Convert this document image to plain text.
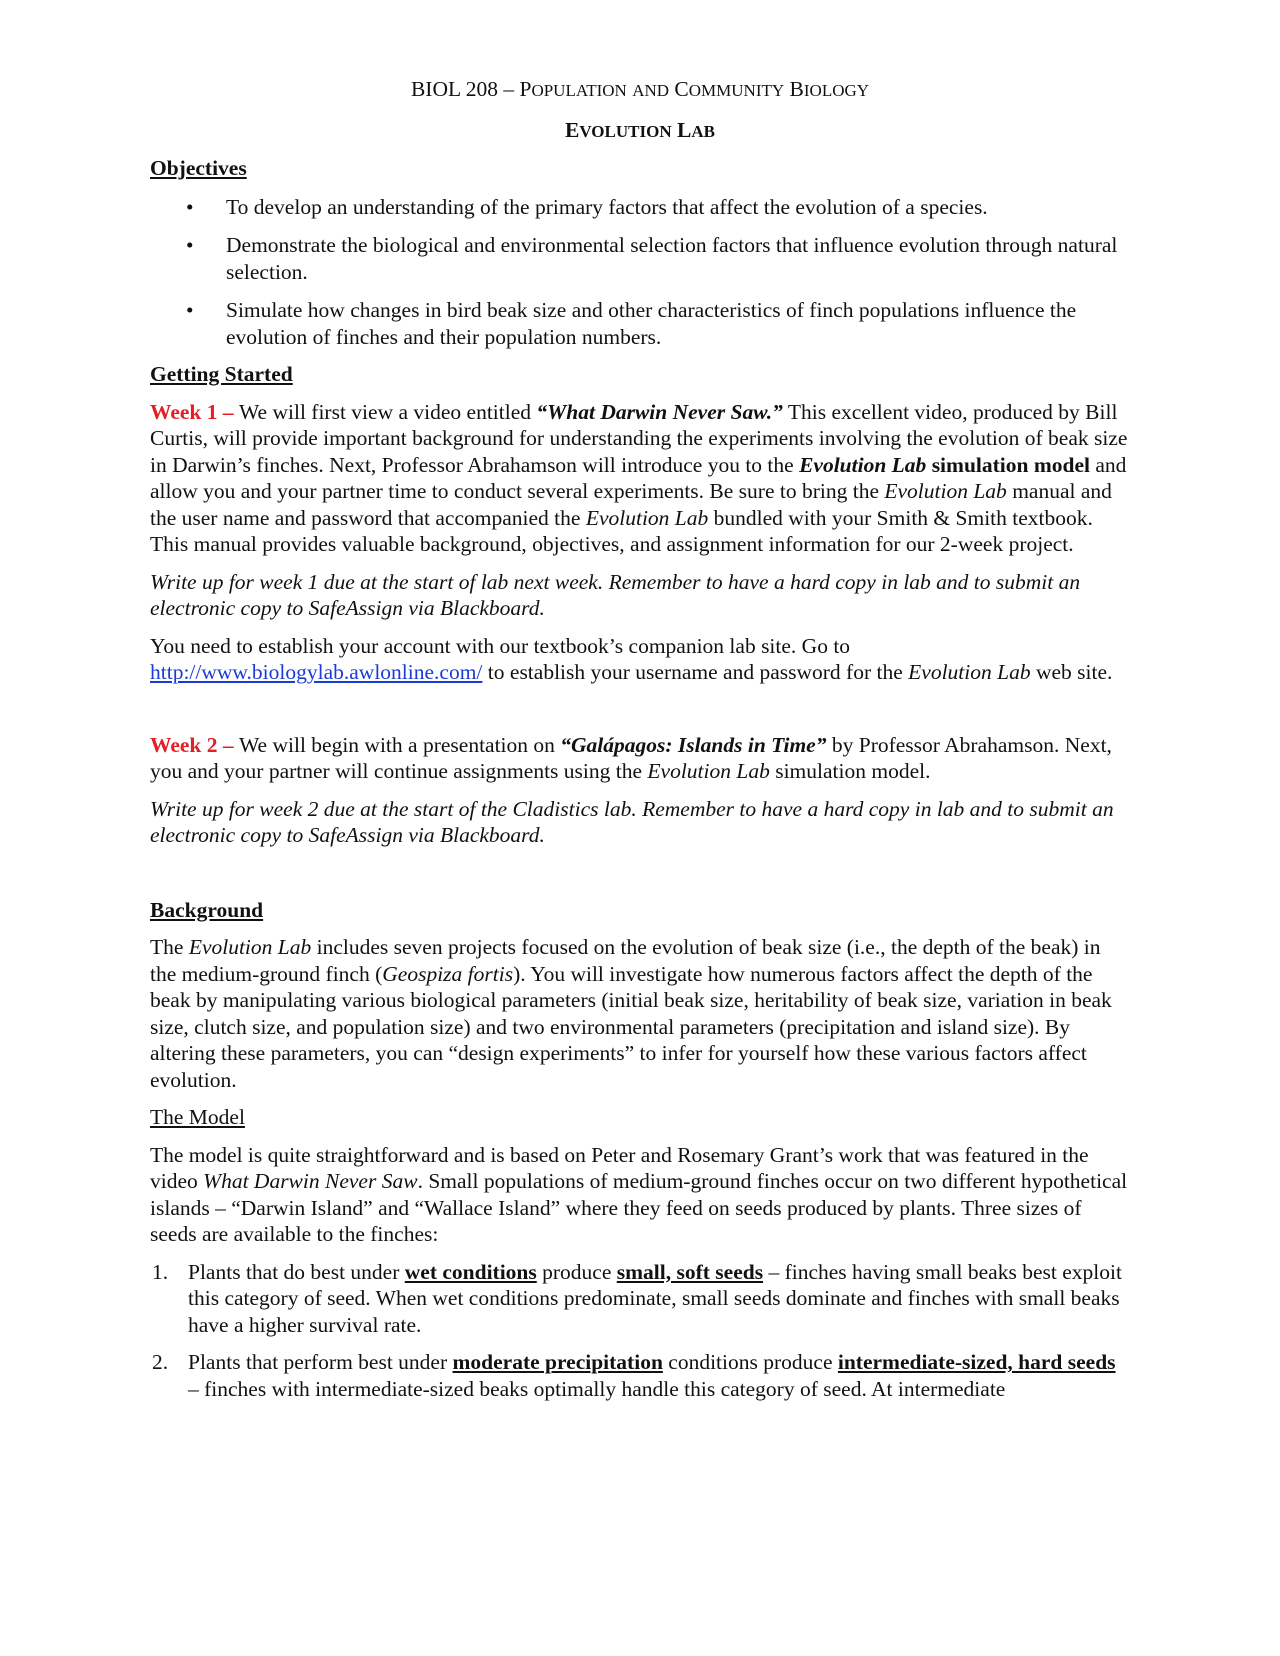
BIOL 208 – POPULATION AND COMMUNITY BIOLOGY
EVOLUTION LAB
Objectives
• To develop an understanding of the primary factors that affect the evolution of a species.
• Demonstrate the biological and environmental selection factors that influence evolution through natural selection.
• Simulate how changes in bird beak size and other characteristics of finch populations influence the evolution of finches and their population numbers.
Getting Started

Week 1 – We will first view a video entitled “What Darwin Never Saw.” This excellent video, produced by Bill Curtis, will provide important background for understanding the experiments involving the evolution of beak size in Darwin’s finches. Next, Professor Abrahamson will introduce you to the Evolution Lab simulation model and allow you and your partner time to conduct several experiments. Be sure to bring the Evolution Lab manual and the user name and password that accompanied the Evolution Lab bundled with your Smith & Smith textbook. This manual provides valuable background, objectives, and assignment information for our 2-week project.

Write up for week 1 due at the start of lab next week. Remember to have a hard copy in lab and to submit an electronic copy to SafeAssign via Blackboard.

You need to establish your account with our textbook’s companion lab site. Go to http://www.biologylab.awlonline.com/ to establish your username and password for the Evolution Lab web site.

Week 2 – We will begin with a presentation on “Galápagos: Islands in Time” by Professor Abrahamson. Next, you and your partner will continue assignments using the Evolution Lab simulation model.

Write up for week 2 due at the start of the Cladistics lab. Remember to have a hard copy in lab and to submit an electronic copy to SafeAssign via Blackboard.

Background

The Evolution Lab includes seven projects focused on the evolution of beak size (i.e., the depth of the beak) in the medium-ground finch (Geospiza fortis). You will investigate how numerous factors affect the depth of the beak by manipulating various biological parameters (initial beak size, heritability of beak size, variation in beak size, clutch size, and population size) and two environmental parameters (precipitation and island size). By altering these parameters, you can “design experiments” to infer for yourself how these various factors affect evolution.

The Model

The model is quite straightforward and is based on Peter and Rosemary Grant’s work that was featured in the video What Darwin Never Saw. Small populations of medium-ground finches occur on two different hypothetical islands – “Darwin Island” and “Wallace Island” where they feed on seeds produced by plants. Three sizes of seeds are available to the finches:

1. Plants that do best under wet conditions produce small, soft seeds – finches having small beaks best exploit this category of seed. When wet conditions predominate, small seeds dominate and finches with small beaks have a higher survival rate.
2. Plants that perform best under moderate precipitation conditions produce intermediate-sized, hard seeds – finches with intermediate-sized beaks optimally handle this category of seed. At intermediate
